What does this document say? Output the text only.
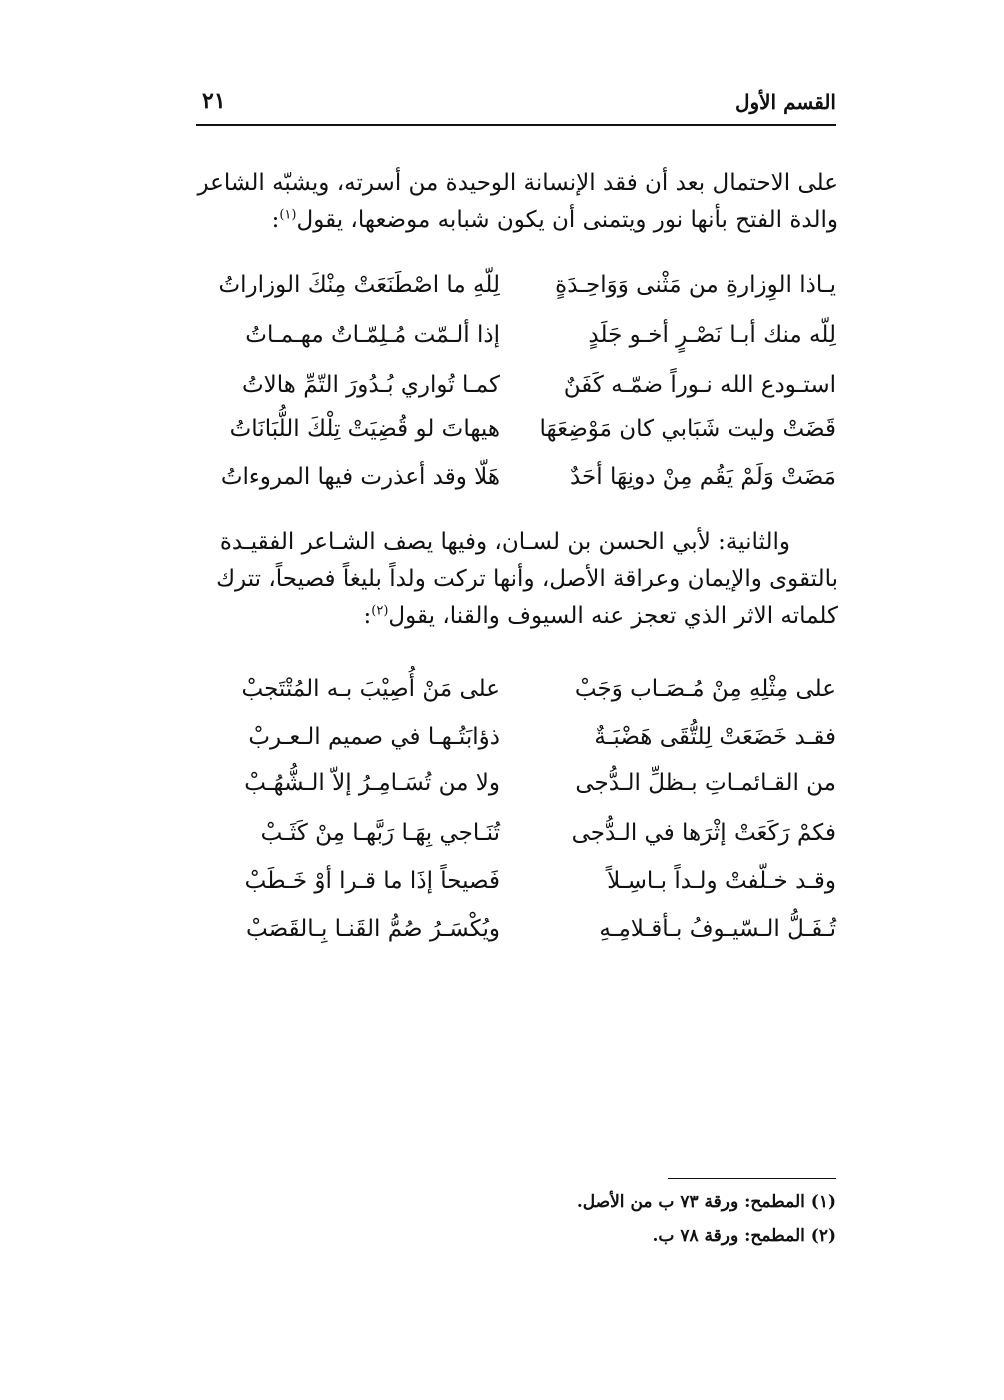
القسم الأول
٢١
على الاحتمال بعد أن فقد الإنسانة الوحيدة من أسرته، ويشبّه الشاعر
والدة الفتح بأنها نور ويتمنى أن يكون شبابه موضعها، يقول$^{(١)}$:
يـاذا الوِزارةِ من مَثْنى وَوَاحِـدَةٍ
لِلّهِ ما اصْطَنَعَتْ مِنْكَ الوزاراتُ
لِلّه منك أبـا نَصْـرٍ أخـو جَلَدٍ
إذا ألـمّت مُـلِمّـاتٌ مهـمـاتُ
استـودع الله نـوراً ضمّـه كَفَنٌ
كمـا تُواري بُـدُورَ التّمِّ هالاتُ
قَضَتْ وليت شَبَابي كان مَوْضِعَهَا
هيهاتَ لو قُضِيَتْ تِلْكَ اللُّبَانَاتُ
مَضَتْ وَلَمْ يَقُم مِنْ دونِهَا أحَدٌ
هَلّا وقد أعذرت فيها المروءاتُ
والثانية: لأبي الحسن بن لسـان، وفيها يصف الشـاعر الفقيـدة
بالتقوى والإيمان وعراقة الأصل، وأنها تركت ولداً بليغاً فصيحاً، تترك
كلماته الاثر الذي تعجز عنه السيوف والقنا، يقول$^{(٢)}$:
على مِثْلِهِ مِنْ مُـصَـاب وَجَبْ
على مَنْ أُصِيْبَ بـه المُتْتَجبْ
فقـد خَضَعَتْ لِلتُّقَى هَضْبَـةٌ
ذؤابَتُـهـا في صميم الـعـربْ
من القـائمـاتِ بـظلِّ الـدُّجى
ولا من تُسَـامِـرُ إلاّ الـشُّهُـبْ
فكمْ رَكَعَتْ إثْرَها في الـدُّجى
تُنَـاجي بِهَـا رَبَّهـا مِنْ كَثَـبْ
وقـد خـلّفتْ ولـداً بـاسِـلاً
فَصيحاً إذَا ما قـرا أوْ خَـطَبْ
تُـفَـلُّ الـسّيـوفُ بـأقـلامِـهِ
ويُكْسَـرُ صُمُّ القَنـا بِـالقَصَبْ
(١) المطمح: ورقة ٧٣ ب من الأصل.
(٢) المطمح: ورقة ٧٨ ب.
